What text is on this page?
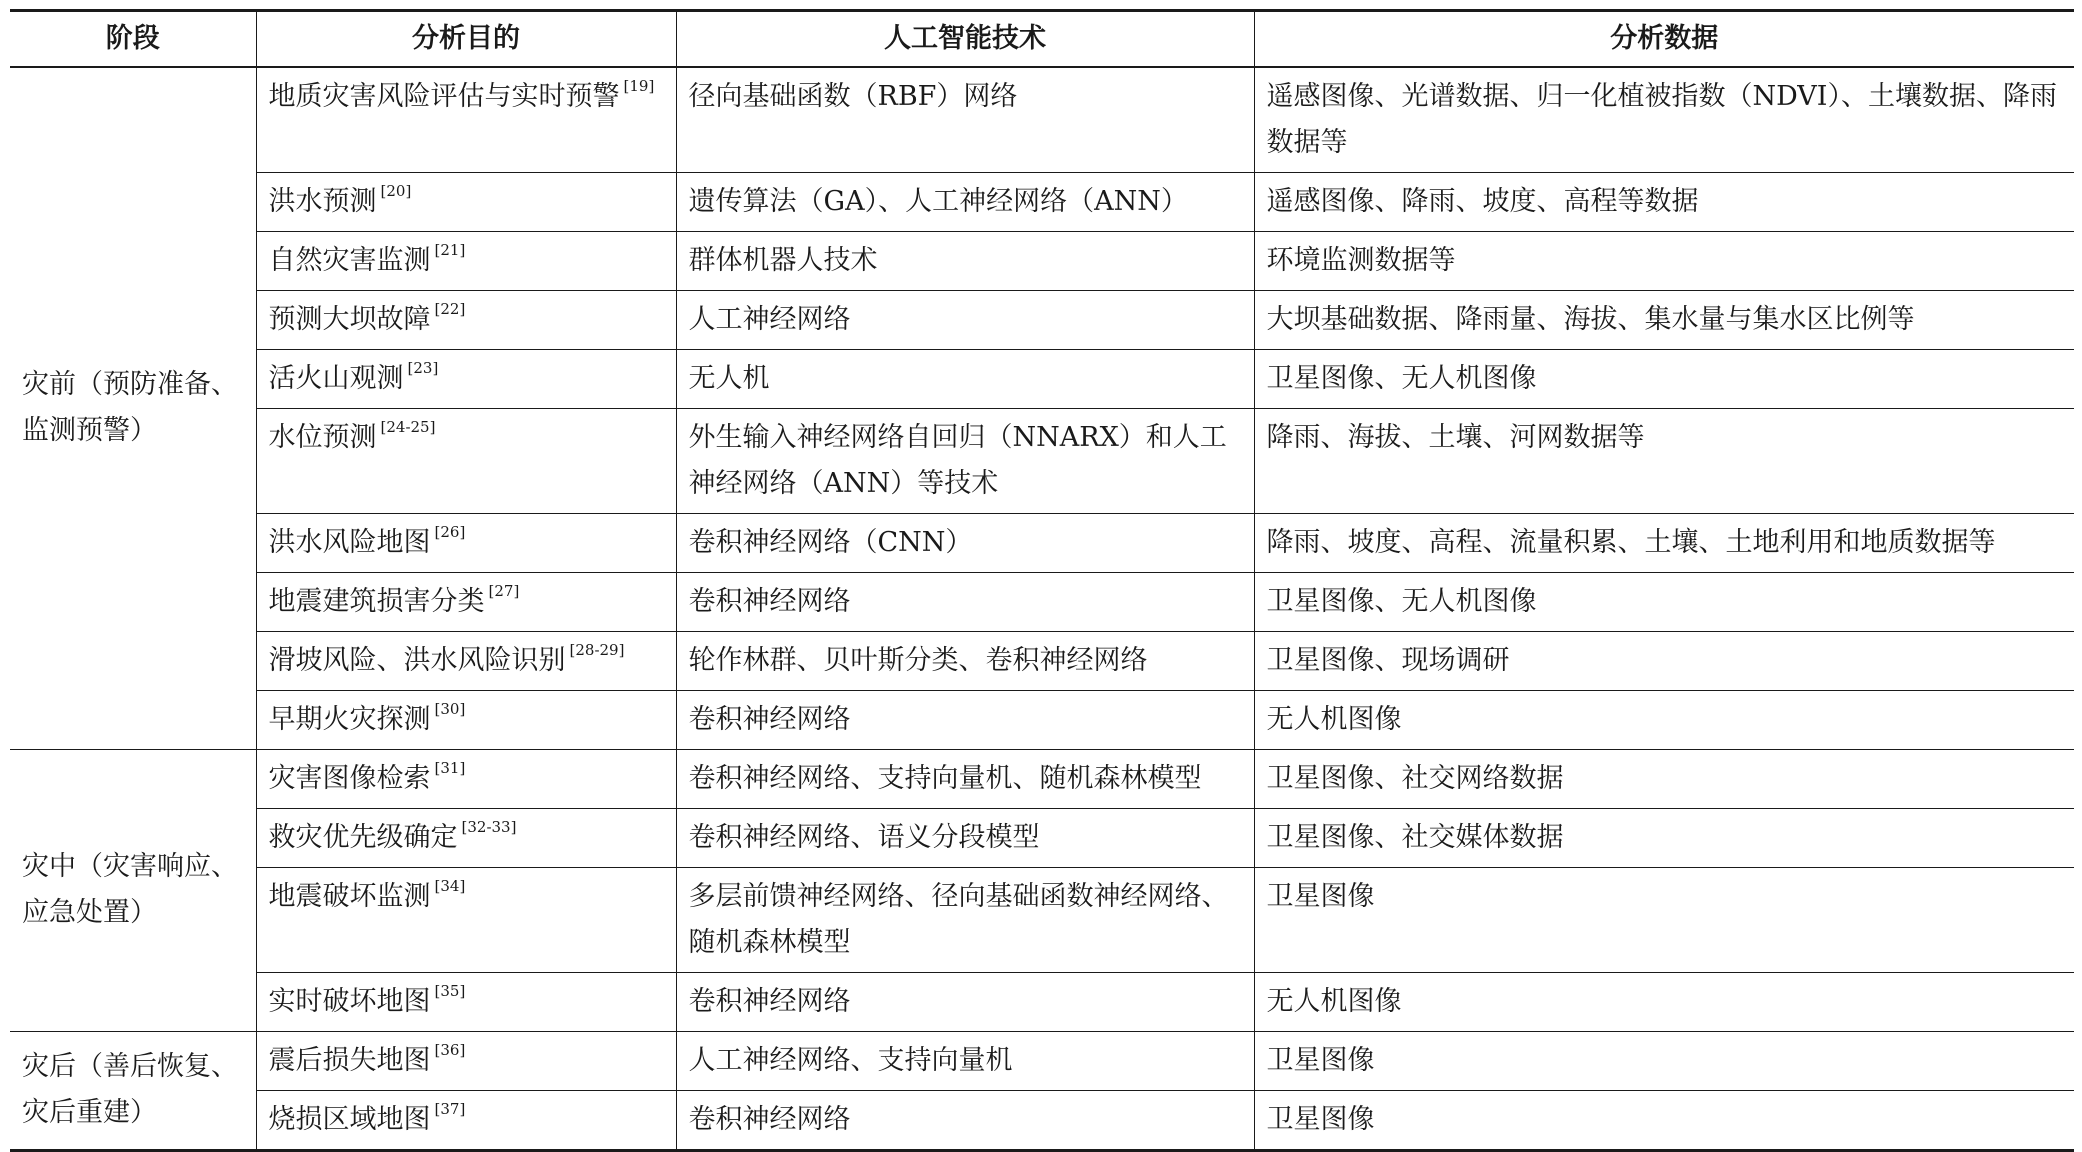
阶段	分析目的	人工智能技术	分析数据
灾前（预防准备、监测预警）	地质灾害风险评估与实时预警 [19]	径向基础函数（RBF）网络	遥感图像、光谱数据、归一化植被指数（NDVI）、土壤数据、降雨数据等
	洪水预测 [20]	遗传算法（GA）、人工神经网络（ANN）	遥感图像、降雨、坡度、高程等数据
	自然灾害监测 [21]	群体机器人技术	环境监测数据等
	预测大坝故障 [22]	人工神经网络	大坝基础数据、降雨量、海拔、集水量与集水区比例等
	活火山观测 [23]	无人机	卫星图像、无人机图像
	水位预测 [24-25]	外生输入神经网络自回归（NNARX）和人工神经网络（ANN）等技术	降雨、海拔、土壤、河网数据等
	洪水风险地图 [26]	卷积神经网络（CNN）	降雨、坡度、高程、流量积累、土壤、土地利用和地质数据等
	地震建筑损害分类 [27]	卷积神经网络	卫星图像、无人机图像
	滑坡风险、洪水风险识别 [28-29]	轮作林群、贝叶斯分类、卷积神经网络	卫星图像、现场调研
	早期火灾探测 [30]	卷积神经网络	无人机图像
灾中（灾害响应、应急处置）	灾害图像检索 [31]	卷积神经网络、支持向量机、随机森林模型	卫星图像、社交网络数据
	救灾优先级确定 [32-33]	卷积神经网络、语义分段模型	卫星图像、社交媒体数据
	地震破坏监测 [34]	多层前馈神经网络、径向基础函数神经网络、随机森林模型	卫星图像
	实时破坏地图 [35]	卷积神经网络	无人机图像
灾后（善后恢复、灾后重建）	震后损失地图 [36]	人工神经网络、支持向量机	卫星图像
	烧损区域地图 [37]	卷积神经网络	卫星图像
